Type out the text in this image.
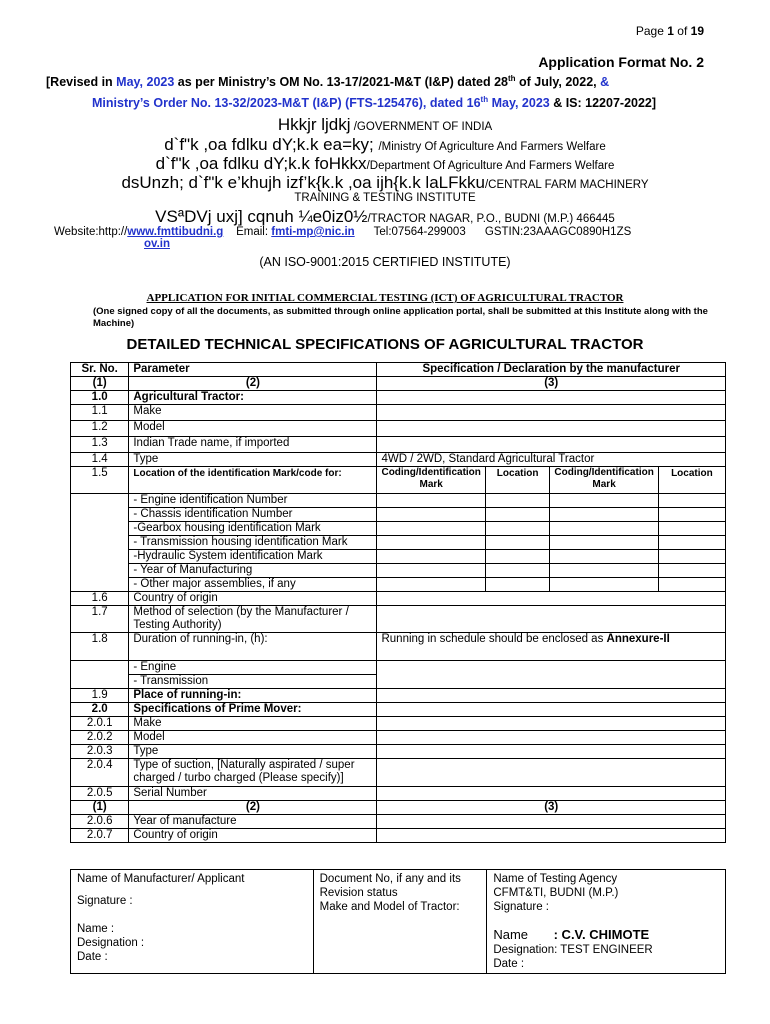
Page 1 of 19
Application Format No. 2
[Revised in May, 2023 as per Ministry’s OM No. 13-17/2021-M&T (I&P) dated 28th of July, 2022, &
Ministry’s Order No. 13-32/2023-M&T (I&P) (FTS-125476), dated 16th May, 2023 & IS: 12207-2022]
Hkkjr ljdkj /GOVERNMENT OF INDIA
d`f"k ,oa fdlku dY;k.k ea=ky; /Ministry Of Agriculture And Farmers Welfare
d`f"k ,oa fdlku dY;k.k foHkkx/Department Of Agriculture And Farmers Welfare
dsUnzh; d`f"k e’khujh izf’k{k.k ,oa ijh{k.k laLFkku/CENTRAL FARM MACHINERY
TRAINING & TESTING INSTITUTE
VSªDVj uxj] cqnuh ¼e0iz0½/TRACTOR NAGAR, P.O., BUDNI (M.P.) 466445
Website:http://www.fmttibudni.g Email: fmti-mp@nic.in Tel:07564-299003 GSTIN:23AAAGC0890H1ZS
ov.in
(AN ISO-9001:2015 CERTIFIED INSTITUTE)
APPLICATION FOR INITIAL COMMERCIAL TESTING (ICT) OF AGRICULTURAL TRACTOR
(One signed copy of all the documents, as submitted through online application portal, shall be submitted at this Institute along with the Machine)
DETAILED TECHNICAL SPECIFICATIONS OF AGRICULTURAL TRACTOR
Sr. No.	Parameter	Specification / Declaration by the manufacturer			
(1)	(2)	(3)			
1.0	Agricultural Tractor:				
1.1	Make				
1.2	Model				
1.3	Indian Trade name, if imported				
1.4	Type	4WD / 2WD, Standard Agricultural Tractor			
1.5	Location of the identification Mark/code for:	Coding/Identification Mark	Location	Coding/Identification Mark	Location
	- Engine identification Number				
	- Chassis identification Number				
	-Gearbox housing identification Mark				
	- Transmission housing identification Mark				
	-Hydraulic System identification Mark				
	- Year of Manufacturing				
	- Other major assemblies, if any				
1.6	Country of origin				
1.7	Method of selection (by the Manufacturer / Testing Authority)				
1.8	Duration of running-in, (h):	Running in schedule should be enclosed as Annexure-II			
	- Engine				
	- Transmission				
1.9	Place of running-in:				
2.0	Specifications of Prime Mover:				
2.0.1	Make				
2.0.2	Model				
2.0.3	Type				
2.0.4	Type of suction, [Naturally aspirated / super charged / turbo charged (Please specify)]				
2.0.5	Serial Number				
(1)	(2)	(3)			
2.0.6	Year of manufacture				
2.0.7	Country of origin				
Name of Manufacturer/ Applicant
Signature :
Name :
Designation :
Date :

Document No, if any and its Revision status
Make and Model of Tractor:

Name of Testing Agency
CFMT&TI, BUDNI (M.P.)
Signature :
Name : C.V. CHIMOTE
Designation: TEST ENGINEER
Date :
